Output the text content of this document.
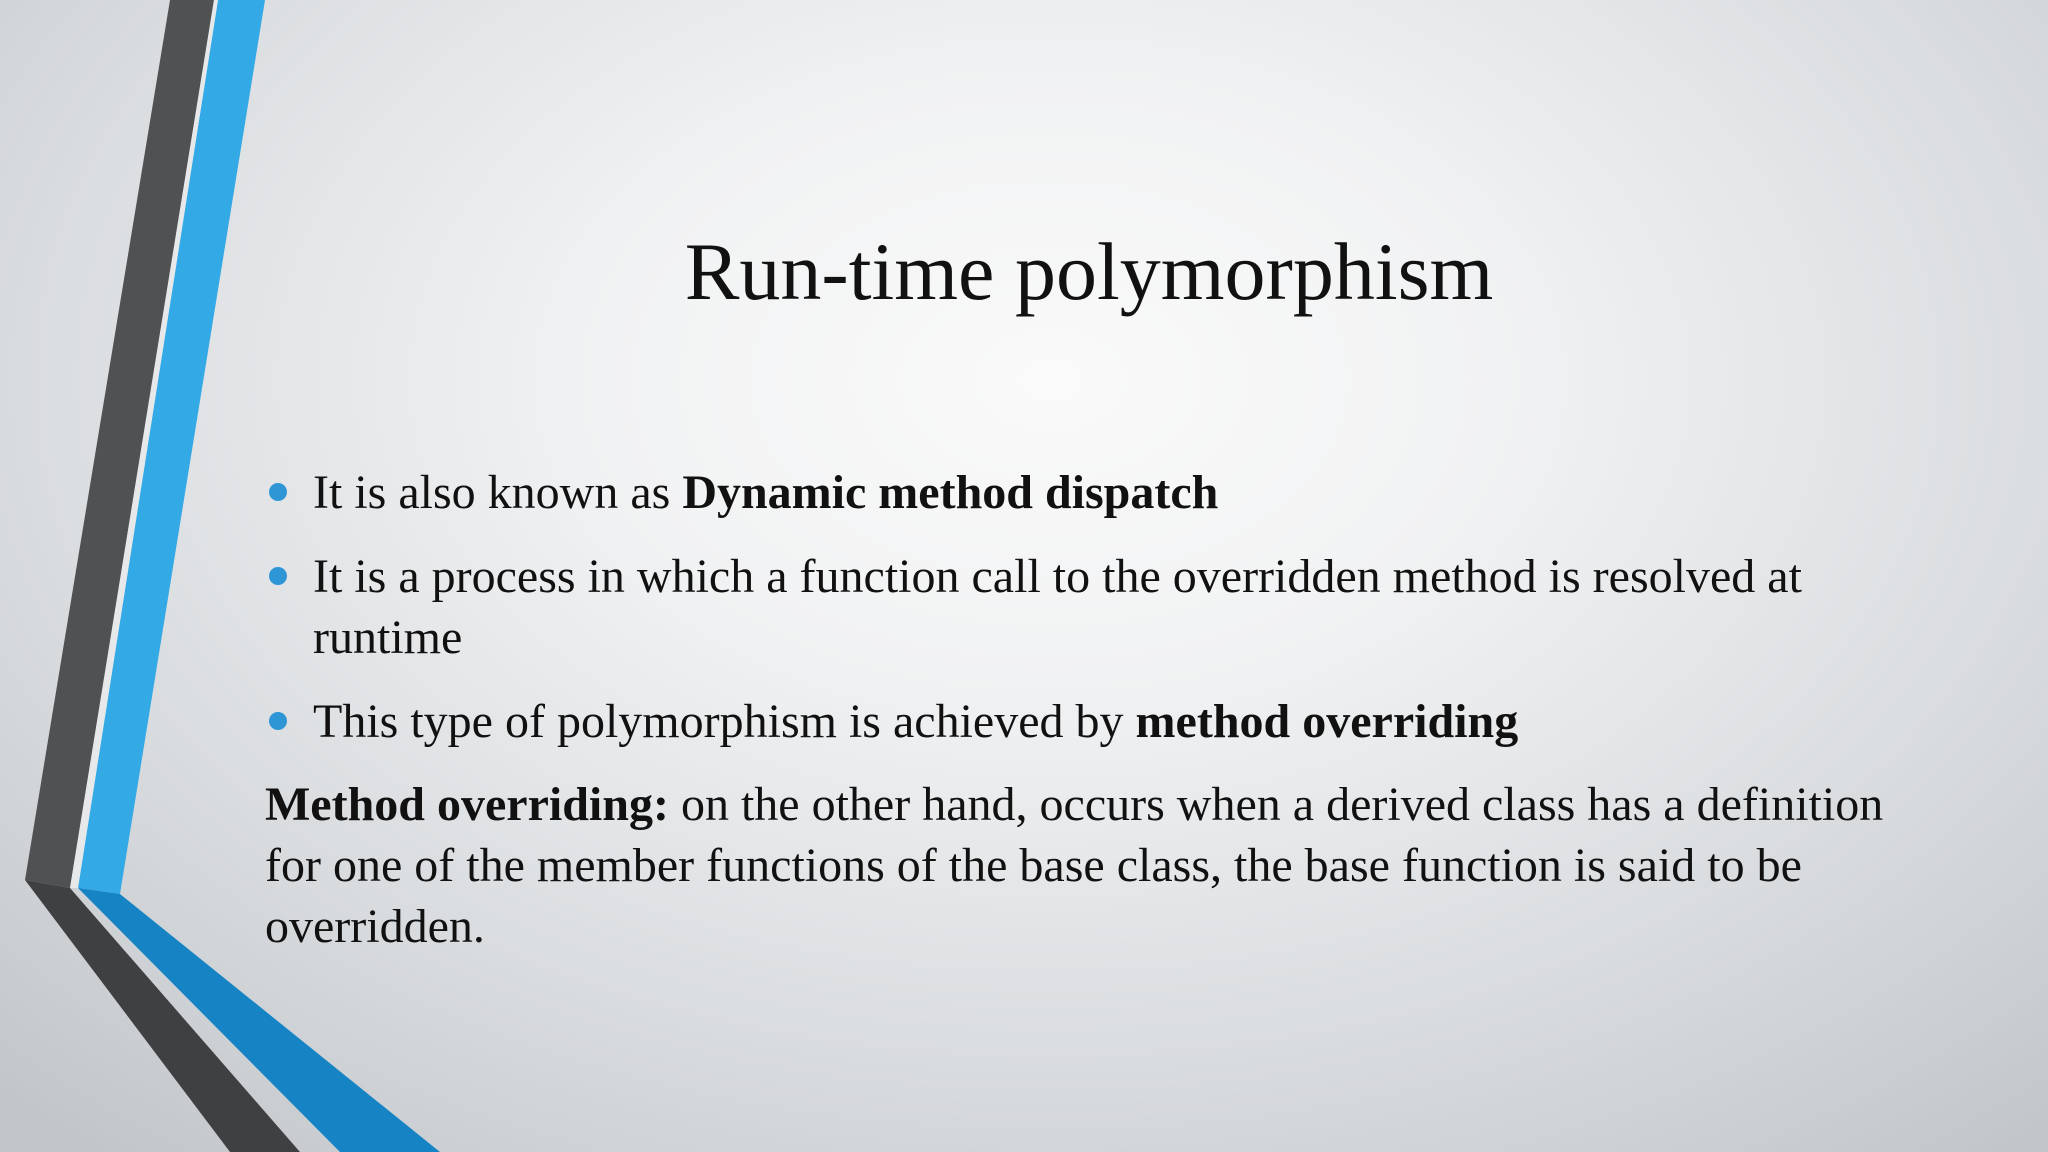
Run-time polymorphism
It is also known as Dynamic method dispatch
It is a process in which a function call to the overridden method is resolved at runtime
This type of polymorphism is achieved by method overriding
Method overriding: on the other hand, occurs when a derived class has a definition for one of the member functions of the base class, the base function is said to be overridden.
